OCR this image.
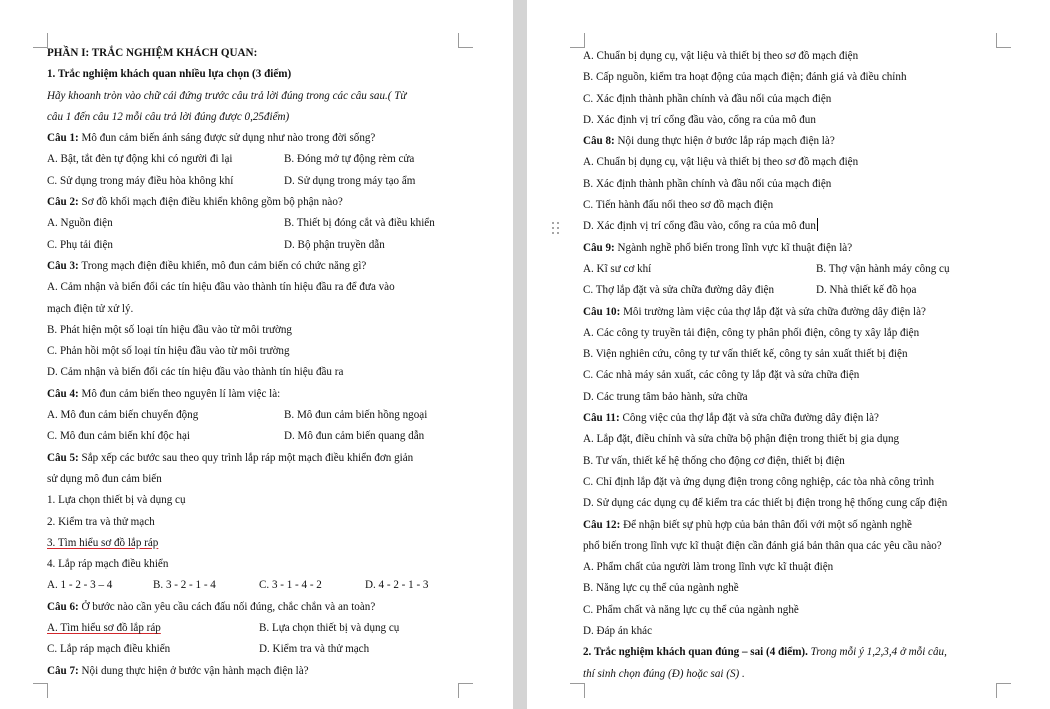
PHẦN I: TRẮC NGHIỆM KHÁCH QUAN:
1. Trắc nghiệm khách quan nhiều lựa chọn (3 điểm)
Hãy khoanh tròn vào chữ cái đứng trước câu trả lời đúng trong các câu sau.( Từ
câu 1 đến câu 12 mỗi câu trả lời đúng được 0,25điểm)
Câu 1: Mô đun cảm biến ánh sáng được sử dụng như nào trong đời sống?
A. Bật, tắt đèn tự động khi có người đi lại	B. Đóng mở tự động rèm cửa
C. Sử dụng trong máy điều hòa không khí	D. Sử dụng trong máy tạo ẩm
Câu 2: Sơ đồ khối mạch điện điều khiển không gồm bộ phận nào?
A. Nguồn điện	B. Thiết bị đóng cắt và điều khiển
C. Phụ tải điện	D. Bộ phận truyền dẫn
Câu 3: Trong mạch điện điều khiển, mô đun cảm biến có chức năng gì?
A. Cảm nhận và biến đổi các tín hiệu đầu vào thành tín hiệu đầu ra để đưa vào
mạch điện tử xử lý.
B. Phát hiện một số loại tín hiệu đầu vào từ môi trường
C. Phản hồi một số loại tín hiệu đầu vào từ môi trường
D. Cảm nhận và biến đổi các tín hiệu đầu vào thành tín hiệu đầu ra
Câu 4: Mô đun cảm biến theo nguyên lí làm việc là:
A. Mô đun cảm biến chuyển động	B. Mô đun cảm biến hồng ngoại
C. Mô đun cảm biến khí độc hại	D. Mô đun cảm biến quang dẫn
Câu 5: Sắp xếp các bước sau theo quy trình lắp ráp một mạch điều khiển đơn giản
sử dụng mô đun cảm biến
1. Lựa chọn thiết bị và dụng cụ
2. Kiểm tra và thử mạch
3. Tìm hiểu sơ đồ lắp ráp
4. Lắp ráp mạch điều khiển
A. 1 - 2 - 3 – 4	B. 3 - 2 - 1 - 4	C. 3 - 1 - 4 - 2	D. 4 - 2 - 1 - 3
Câu 6: Ở bước nào cần yêu cầu cách đấu nối đúng, chắc chắn và an toàn?
A. Tìm hiểu sơ đồ lắp ráp	B. Lựa chọn thiết bị và dụng cụ
C. Lắp ráp mạch điều khiển	D. Kiểm tra và thử mạch
Câu 7: Nội dung thực hiện ở bước vận hành mạch điện là?
A. Chuẩn bị dụng cụ, vật liệu và thiết bị theo sơ đồ mạch điện
B. Cấp nguồn, kiểm tra hoạt động của mạch điện; đánh giá và điều chỉnh
C. Xác định thành phần chính và đầu nối của mạch điện
D. Xác định vị trí cổng đầu vào, cổng ra của mô đun
Câu 8: Nội dung thực hiện ở bước lắp ráp mạch điện là?
A. Chuẩn bị dụng cụ, vật liệu và thiết bị theo sơ đồ mạch điện
B. Xác định thành phần chính và đầu nối của mạch điện
C. Tiến hành đấu nối theo sơ đồ mạch điện
D. Xác định vị trí cổng đầu vào, cổng ra của mô đun
Câu 9: Ngành nghề phổ biến trong lĩnh vực kĩ thuật điện là?
A. Kĩ sư cơ khí	B. Thợ vận hành máy công cụ
C. Thợ lắp đặt và sửa chữa đường dây điện	D. Nhà thiết kế đồ họa
Câu 10: Môi trường làm việc của thợ lắp đặt và sửa chữa đường dây điện là?
A. Các công ty truyền tải điện, công ty phân phối điện, công ty xây lắp điện
B. Viện nghiên cứu, công ty tư vấn thiết kế, công ty sản xuất thiết bị điện
C. Các nhà máy sản xuất, các công ty lắp đặt và sửa chữa điện
D. Các trung tâm bảo hành, sửa chữa
Câu 11: Công việc của thợ lắp đặt và sửa chữa đường dây điện là?
A. Lắp đặt, điều chỉnh và sửa chữa bộ phận điện trong thiết bị gia dụng
B. Tư vấn, thiết kế hệ thống cho động cơ điện, thiết bị điện
C. Chỉ định lắp đặt và ứng dụng điện trong công nghiệp, các tòa nhà công trình
D. Sử dụng các dụng cụ để kiểm tra các thiết bị điện trong hệ thống cung cấp điện
Câu 12: Để nhận biết sự phù hợp của bản thân đối với một số ngành nghề
phổ biến trong lĩnh vực kĩ thuật điện cần đánh giá bản thân qua các yêu cầu nào?
A. Phẩm chất của người làm trong lĩnh vực kĩ thuật điện
B. Năng lực cụ thể của ngành nghề
C. Phẩm chất và năng lực cụ thể của ngành nghề
D. Đáp án khác
2. Trắc nghiệm khách quan đúng – sai (4 điểm). Trong mỗi ý 1,2,3,4 ở mỗi câu,
thí sinh chọn đúng (Đ) hoặc sai (S) .
